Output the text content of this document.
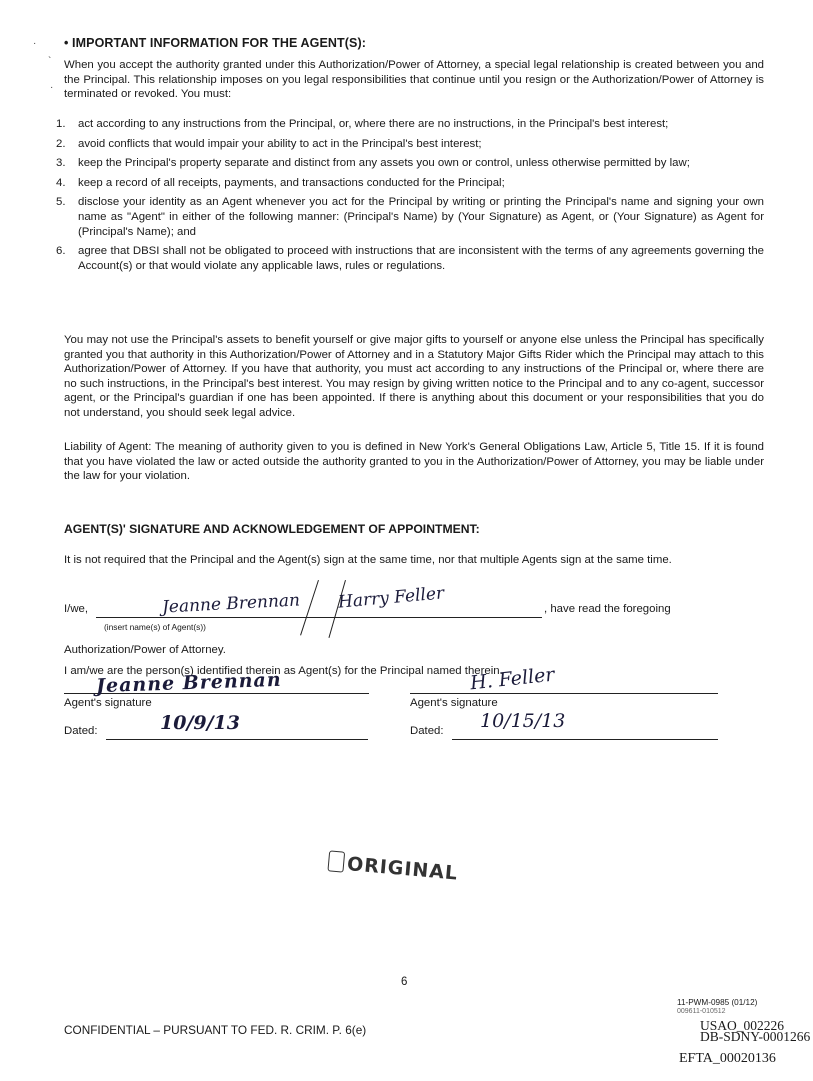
·
`
·
• IMPORTANT INFORMATION FOR THE AGENT(S):
When you accept the authority granted under this Authorization/Power of Attorney, a special legal relationship is created between you and the Principal. This relationship imposes on you legal responsibilities that continue until you resign or the Authorization/Power of Attorney is terminated or revoked. You must:
1.	act according to any instructions from the Principal, or, where there are no instructions, in the Principal's best interest;
2.	avoid conflicts that would impair your ability to act in the Principal's best interest;
3.	keep the Principal's property separate and distinct from any assets you own or control, unless otherwise permitted by law;
4.	keep a record of all receipts, payments, and transactions conducted for the Principal;
5.	disclose your identity as an Agent whenever you act for the Principal by writing or printing the Principal's name and signing your own name as "Agent" in either of the following manner: (Principal's Name) by (Your Signature) as Agent, or (Your Signature) as Agent for (Principal's Name); and
6.	agree that DBSI shall not be obligated to proceed with instructions that are inconsistent with the terms of any agreements governing the Account(s) or that would violate any applicable laws, rules or regulations.
You may not use the Principal's assets to benefit yourself or give major gifts to yourself or anyone else unless the Principal has specifically granted you that authority in this Authorization/Power of Attorney and in a Statutory Major Gifts Rider which the Principal may attach to this Authorization/Power of Attorney. If you have that authority, you must act according to any instructions of the Principal or, where there are no such instructions, in the Principal's best interest. You may resign by giving written notice to the Principal and to any co-agent, successor agent, or the Principal's guardian if one has been appointed. If there is anything about this document or your responsibilities that you do not understand, you should seek legal advice.
Liability of Agent: The meaning of authority given to you is defined in New York's General Obligations Law, Article 5, Title 15. If it is found that you have violated the law or acted outside the authority granted to you in the Authorization/Power of Attorney, you may be liable under the law for your violation.
AGENT(S)' SIGNATURE AND ACKNOWLEDGEMENT OF APPOINTMENT:
It is not required that the Principal and the Agent(s) sign at the same time, nor that multiple Agents sign at the same time.
I/we,	, have read the foregoing
(insert name(s) of Agent(s))
Jeanne Brennan Harry Feller
Authorization/Power of Attorney.
I am/we are the person(s) identified therein as Agent(s) for the Principal named therein.
Jeanne Brennan	H. Feller
Agent's signature	Agent's signature
Dated:	10/9/13	Dated: 10/15/13
ORIGINAL
6
11-PWM-0985 (01/12)
009611-010512
CONFIDENTIAL – PURSUANT TO FED. R. CRIM. P. 6(e)	USAO_002226
DB-SDNY-0001266
EFTA_00020136
